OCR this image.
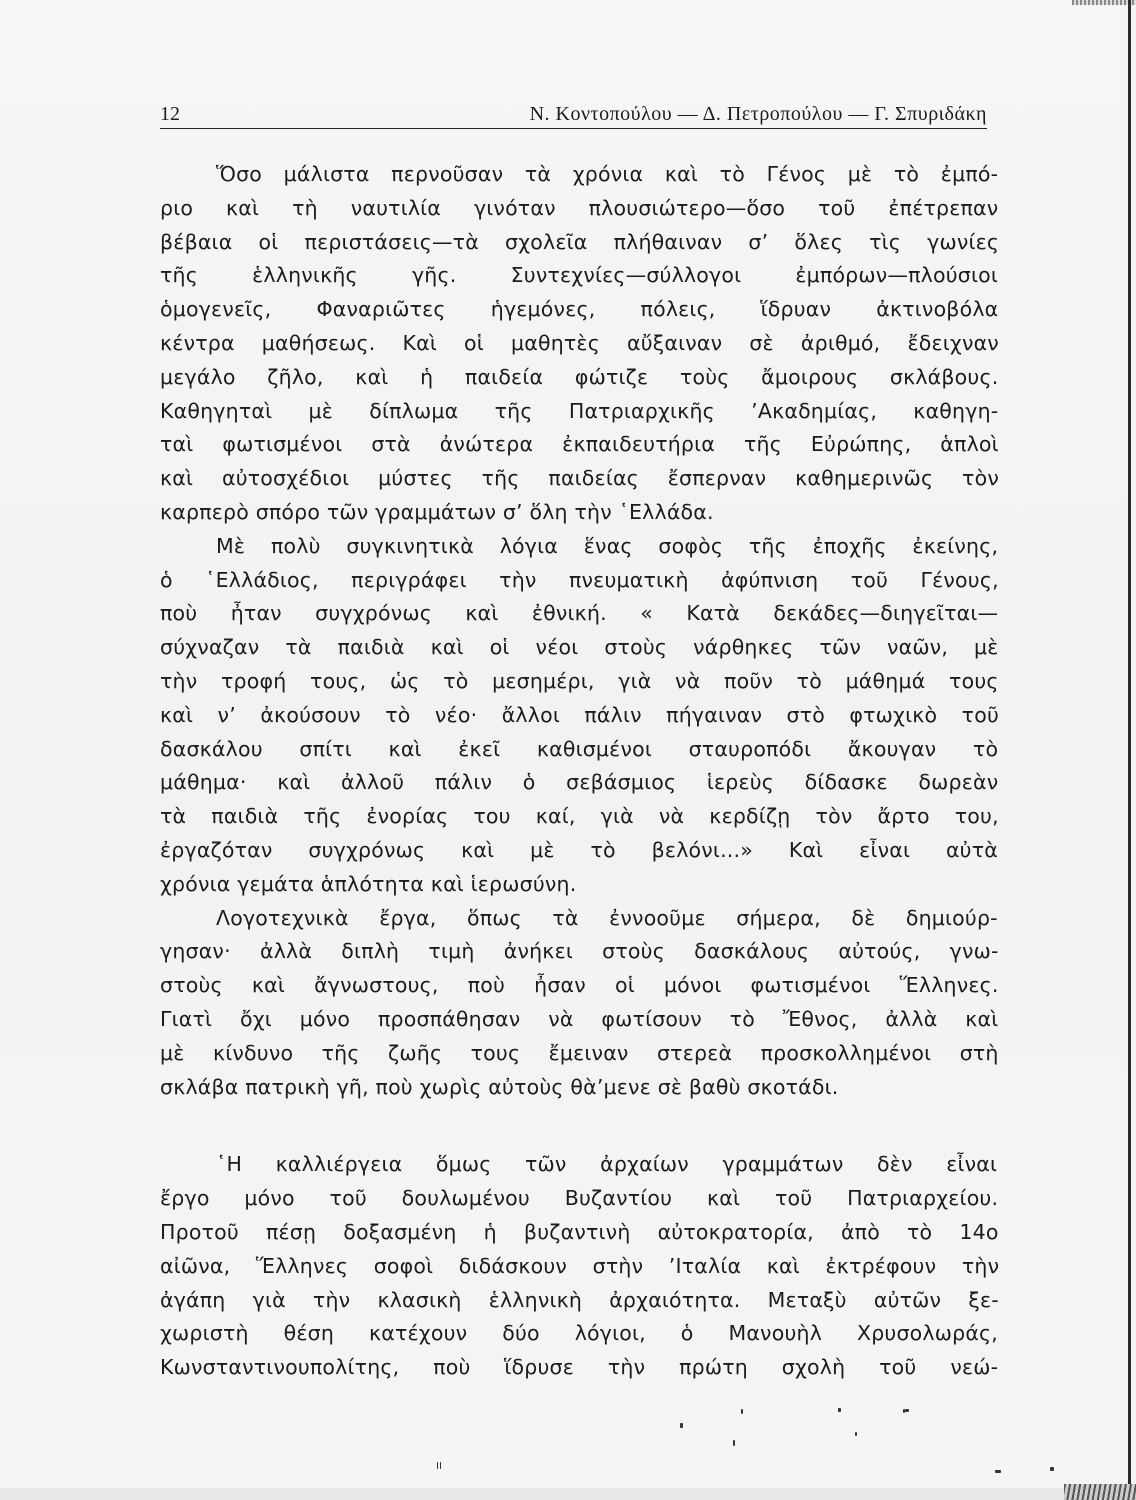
12	Ν. Κοντοπούλου — Δ. Πετροπούλου — Γ. Σπυριδάκη
Ὅσο μάλιστα περνοῦσαν τὰ χρόνια καὶ τὸ Γένος μὲ τὸ ἐμπό-
ριο καὶ τὴ ναυτιλία γινόταν πλουσιώτερο—ὅσο τοῦ ἐπέτρεπαν
βέβαια οἱ περιστάσεις—τὰ σχολεῖα πλήθαιναν σ’ ὅλες τὶς γωνίες
τῆς ἑλληνικῆς γῆς. Συντεχνίες—σύλλογοι ἐμπόρων—πλούσιοι
ὁμογενεῖς, Φαναριῶτες ἡγεμόνες, πόλεις, ἵδρυαν ἀκτινοβόλα
κέντρα μαθήσεως. Καὶ οἱ μαθητὲς αὔξαιναν σὲ ἀριθμό, ἔδειχναν
μεγάλο ζῆλο, καὶ ἡ παιδεία φώτιζε τοὺς ἄμοιρους σκλάβους.
Καθηγηταὶ μὲ δίπλωμα τῆς Πατριαρχικῆς ’Ακαδημίας, καθηγη-
ταὶ φωτισμένοι στὰ ἀνώτερα ἐκπαιδευτήρια τῆς Εὐρώπης, ἁπλοὶ
καὶ αὐτοσχέδιοι μύστες τῆς παιδείας ἔσπερναν καθημερινῶς τὸν
καρπερὸ σπόρο τῶν γραμμάτων σ’ ὅλη τὴν ῾Ελλάδα.
Μὲ πολὺ συγκινητικὰ λόγια ἕνας σοφὸς τῆς ἐποχῆς ἐκείνης,
ὁ ῾Ελλάδιος, περιγράφει τὴν πνευματικὴ ἀφύπνιση τοῦ Γένους,
ποὺ ἦταν συγχρόνως καὶ ἐθνική. « Κατὰ δεκάδες—διηγεῖται—
σύχναζαν τὰ παιδιὰ καὶ οἱ νέοι στοὺς νάρθηκες τῶν ναῶν, μὲ
τὴν τροφή τους, ὡς τὸ μεσημέρι, γιὰ νὰ ποῦν τὸ μάθημά τους
καὶ ν’ ἀκούσουν τὸ νέο· ἄλλοι πάλιν πήγαιναν στὸ φτωχικὸ τοῦ
δασκάλου σπίτι καὶ ἐκεῖ καθισμένοι σταυροπόδι ἄκουγαν τὸ
μάθημα· καὶ ἀλλοῦ πάλιν ὁ σεβάσμιος ἱερεὺς δίδασκε δωρεὰν
τὰ παιδιὰ τῆς ἐνορίας του καί, γιὰ νὰ κερδίζῃ τὸν ἄρτο του,
ἐργαζόταν συγχρόνως καὶ μὲ τὸ βελόνι...» Καὶ εἶναι αὐτὰ
χρόνια γεμάτα ἁπλότητα καὶ ἱερωσύνη.
Λογοτεχνικὰ ἔργα, ὅπως τὰ ἐννοοῦμε σήμερα, δὲ δημιούρ-
γησαν· ἀλλὰ διπλὴ τιμὴ ἀνήκει στοὺς δασκάλους αὐτούς, γνω-
στοὺς καὶ ἄγνωστους, ποὺ ἦσαν οἱ μόνοι φωτισμένοι Ἕλληνες.
Γιατὶ ὄχι μόνο προσπάθησαν νὰ φωτίσουν τὸ Ἔθνος, ἀλλὰ καὶ
μὲ κίνδυνο τῆς ζωῆς τους ἔμειναν στερεὰ προσκολλημένοι στὴ
σκλάβα πατρικὴ γῆ, ποὺ χωρὶς αὐτοὺς θὰ’μενε σὲ βαθὺ σκοτάδι.
῾Η καλλιέργεια ὅμως τῶν ἀρχαίων γραμμάτων δὲν εἶναι
ἔργο μόνο τοῦ δουλωμένου Βυζαντίου καὶ τοῦ Πατριαρχείου.
Προτοῦ πέσῃ δοξασμένη ἡ βυζαντινὴ αὐτοκρατορία, ἀπὸ τὸ 14ο
αἰῶνα, Ἕλληνες σοφοὶ διδάσκουν στὴν ’Ιταλία καὶ ἐκτρέφουν τὴν
ἀγάπη γιὰ τὴν κλασικὴ ἑλληνικὴ ἀρχαιότητα. Μεταξὺ αὐτῶν ξε-
χωριστὴ θέση κατέχουν δύο λόγιοι, ὁ Μανουὴλ Χρυσολωράς,
Κωνσταντινουπολίτης, ποὺ ἵδρυσε τὴν πρώτη σχολὴ τοῦ νεώ-
